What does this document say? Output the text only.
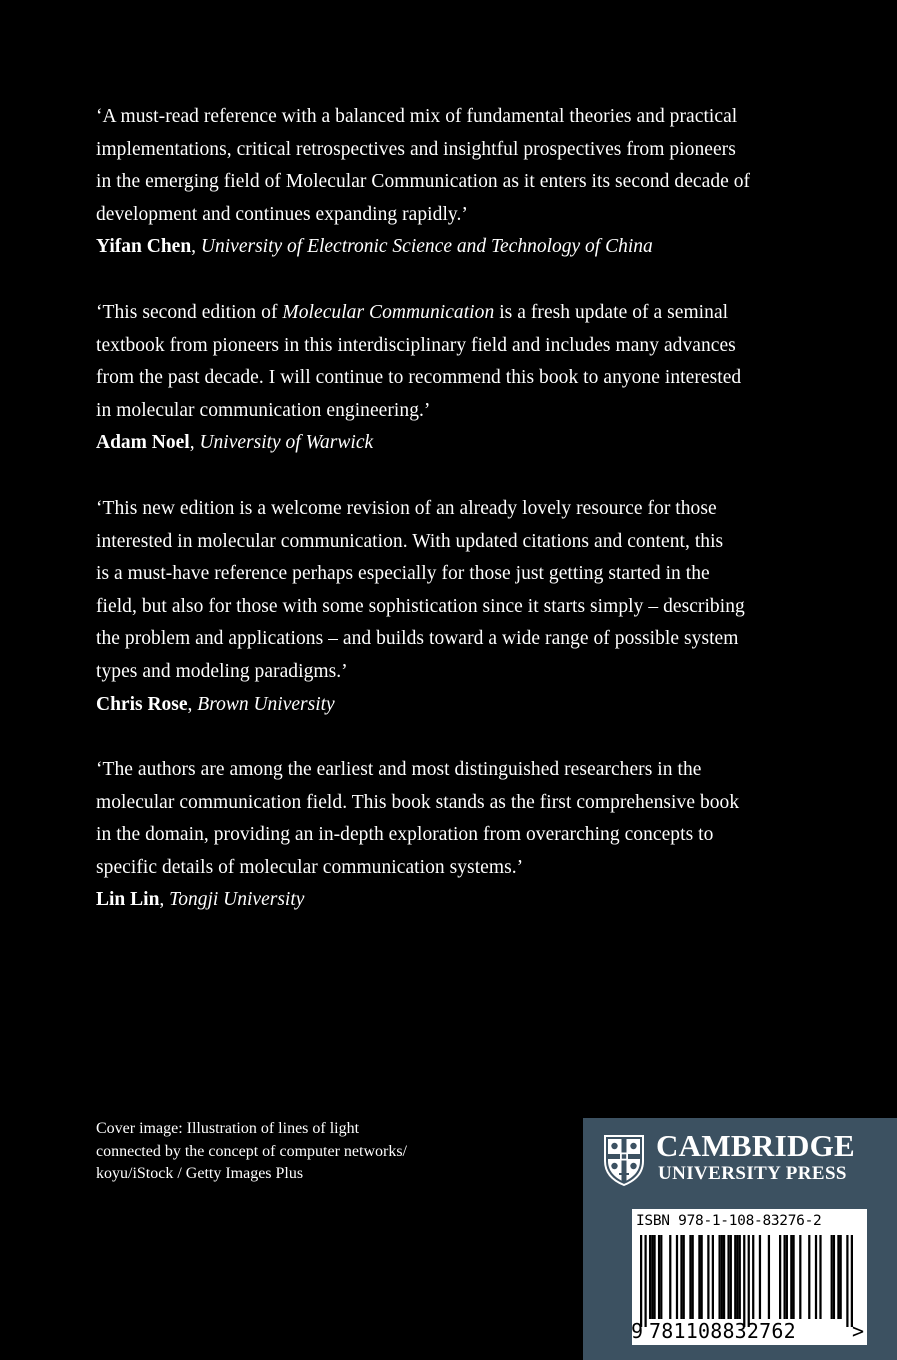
‘A must-read reference with a balanced mix of fundamental theories and practical
implementations, critical retrospectives and insightful prospectives from pioneers
in the emerging field of Molecular Communication as it enters its second decade of
development and continues expanding rapidly.’
Yifan Chen, University of Electronic Science and Technology of China
‘This second edition of Molecular Communication is a fresh update of a seminal
textbook from pioneers in this interdisciplinary field and includes many advances
from the past decade. I will continue to recommend this book to anyone interested
in molecular communication engineering.’
Adam Noel, University of Warwick
‘This new edition is a welcome revision of an already lovely resource for those
interested in molecular communication. With updated citations and content, this
is a must-have reference perhaps especially for those just getting started in the
field, but also for those with some sophistication since it starts simply – describing
the problem and applications – and builds toward a wide range of possible system
types and modeling paradigms.’
Chris Rose, Brown University
‘The authors are among the earliest and most distinguished researchers in the
molecular communication field. This book stands as the first comprehensive book
in the domain, providing an in-depth exploration from overarching concepts to
specific details of molecular communication systems.’
Lin Lin, Tongji University
Cover image: Illustration of lines of light
connected by the concept of computer networks/
koyu/iStock / Getty Images Plus
CAMBRIDGE
UNIVERSITY PRESS
ISBN 978-1-108-83276-2
9 781108832762	>
